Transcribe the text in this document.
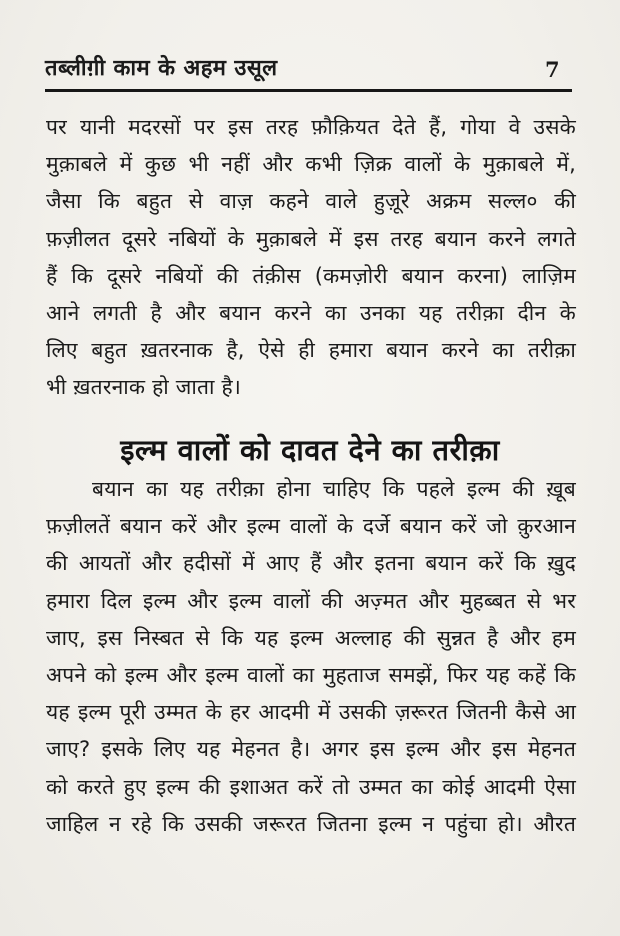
तब्लीग़ी काम के अहम उसूल	7
पर यानी मदरसों पर इस तरह फ़ौक़ियत देते हैं, गोया वे उसके
मुक़ाबले में कुछ भी नहीं और कभी ज़िक्र वालों के मुक़ाबले में,
जैसा कि बहुत से वाज़ कहने वाले हुज़ूरे अक्रम सल्ल० की
फ़ज़ीलत दूसरे नबियों के मुक़ाबले में इस तरह बयान करने लगते
हैं कि दूसरे नबियों की तंक़ीस (कमज़ोरी बयान करना) लाज़िम
आने लगती है और बयान करने का उनका यह तरीक़ा दीन के
लिए बहुत ख़तरनाक है, ऐसे ही हमारा बयान करने का तरीक़ा
भी ख़तरनाक हो जाता है।
इल्म वालों को दावत देने का तरीक़ा
बयान का यह तरीक़ा होना चाहिए कि पहले इल्म की ख़ूब
फ़ज़ीलतें बयान करें और इल्म वालों के दर्जे बयान करें जो क़ुरआन
की आयतों और हदीसों में आए हैं और इतना बयान करें कि ख़ुद
हमारा दिल इल्म और इल्म वालों की अज़्मत और मुहब्बत से भर
जाए, इस निस्बत से कि यह इल्म अल्लाह की सुन्नत है और हम
अपने को इल्म और इल्म वालों का मुहताज समझें, फिर यह कहें कि
यह इल्म पूरी उम्मत के हर आदमी में उसकी ज़रूरत जितनी कैसे आ
जाए? इसके लिए यह मेहनत है। अगर इस इल्म और इस मेहनत
को करते हुए इल्म की इशाअत करें तो उम्मत का कोई आदमी ऐसा
जाहिल न रहे कि उसकी जरूरत जितना इल्म न पहुंचा हो। औरत
